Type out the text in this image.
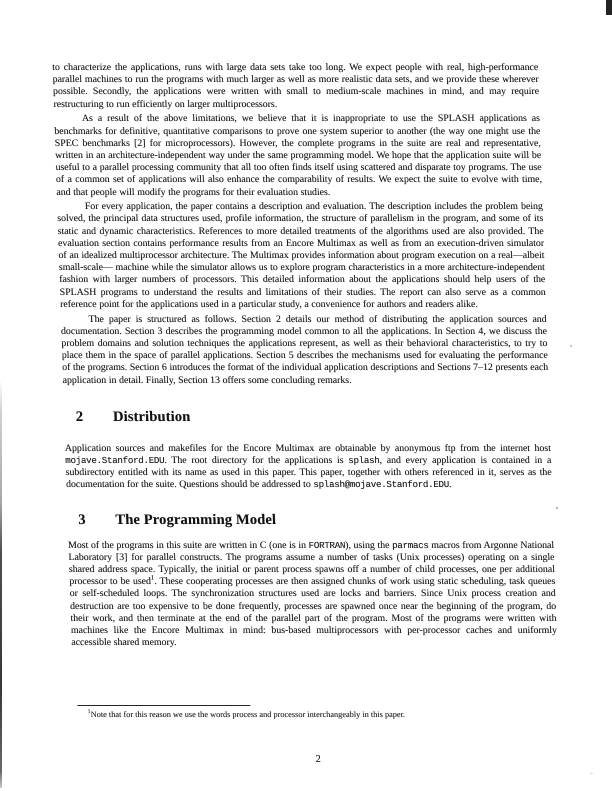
to characterize the applications, runs with large data sets take too long. We expect people with real, high-performance parallel machines to run the programs with much larger as well as more realistic data sets, and we provide these wherever possible. Secondly, the applications were written with small to medium-scale machines in mind, and may require restructuring to run efficiently on larger multiprocessors.

As a result of the above limitations, we believe that it is inappropriate to use the SPLASH applications as benchmarks for definitive, quantitative comparisons to prove one system superior to another (the way one might use the SPEC benchmarks [2] for microprocessors). However, the complete programs in the suite are real and representative, written in an architecture-independent way under the same programming model. We hope that the application suite will be useful to a parallel processing community that all too often finds itself using scattered and disparate toy programs. The use of a common set of applications will also enhance the comparability of results. We expect the suite to evolve with time, and that people will modify the programs for their evaluation studies.

For every application, the paper contains a description and evaluation. The description includes the problem being solved, the principal data structures used, profile information, the structure of parallelism in the program, and some of its static and dynamic characteristics. References to more detailed treatments of the algorithms used are also provided. The evaluation section contains performance results from an Encore Multimax as well as from an execution-driven simulator of an idealized multiprocessor architecture. The Multimax provides information about program execution on a real—albeit small-scale— machine while the simulator allows us to explore program characteristics in a more architecture-independent fashion with larger numbers of processors. This detailed information about the applications should help users of the SPLASH programs to understand the results and limitations of their studies. The report can also serve as a common reference point for the applications used in a particular study, a convenience for authors and readers alike.

The paper is structured as follows. Section 2 details our method of distributing the application sources and documentation. Section 3 describes the programming model common to all the applications. In Section 4, we discuss the problem domains and solution techniques the applications represent, as well as their behavioral characteristics, to try to place them in the space of parallel applications. Section 5 describes the mechanisms used for evaluating the performance of the programs. Section 6 introduces the format of the individual application descriptions and Sections 7–12 presents each application in detail. Finally, Section 13 offers some concluding remarks.

2 Distribution

Application sources and makefiles for the Encore Multimax are obtainable by anonymous ftp from the internet host mojave.Stanford.EDU. The root directory for the applications is splash, and every application is contained in a subdirectory entitled with its name as used in this paper. This paper, together with others referenced in it, serves as the documentation for the suite. Questions should be addressed to splash@mojave.Stanford.EDU.

3 The Programming Model

Most of the programs in this suite are written in C (one is in FORTRAN), using the parmacs macros from Argonne National Laboratory [3] for parallel constructs. The programs assume a number of tasks (Unix processes) operating on a single shared address space. Typically, the initial or parent process spawns off a number of child processes, one per additional processor to be used$^1$. These cooperating processes are then assigned chunks of work using static scheduling, task queues or self-scheduled loops. The synchronization structures used are locks and barriers. Since Unix process creation and destruction are too expensive to be done frequently, processes are spawned once near the beginning of the program, do their work, and then terminate at the end of the parallel part of the program. Most of the programs were written with machines like the Encore Multimax in mind: bus-based multiprocessors with per-processor caches and uniformly accessible shared memory.

$^1$Note that for this reason we use the words process and processor interchangeably in this paper.

2
